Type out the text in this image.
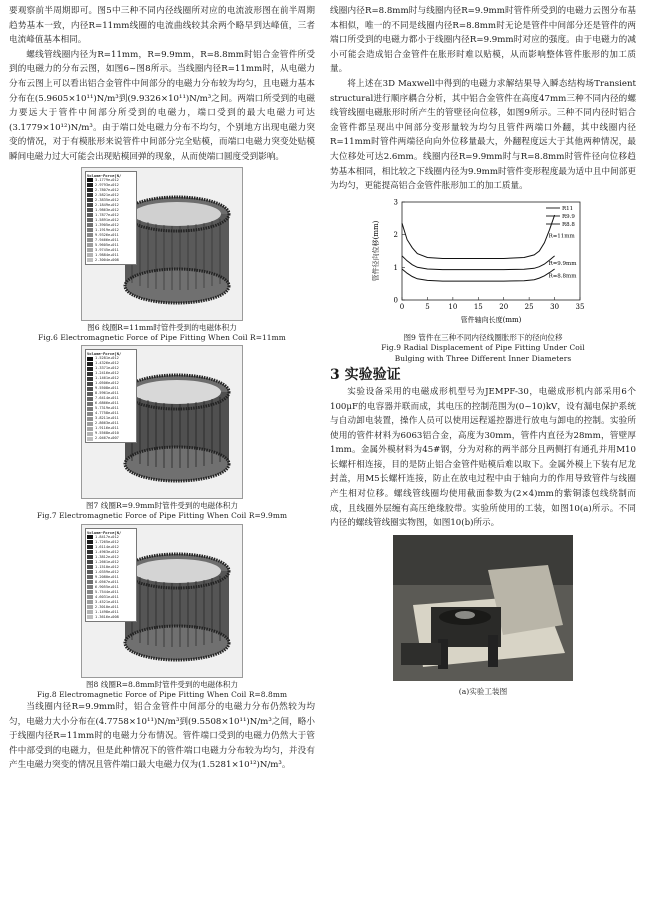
要观察前半周期即可。图5中三种不同内径线圈所对应的电流波形图在前半周期趋势基本一致，内径R=11mm线圈的电流曲线较其余两个略早到达峰值，三者电流峰值基本相同。

螺线管线圈内径为R=11mm，R=9.9mm，R=8.8mm时铝合金管件所受到的电磁力的分布云图，如图6~图8所示。当线圈内径R=11mm时，从电磁力分布云图上可以看出铝合金管件中间部分的电磁力分布较为均匀，且电磁力基本分布在(5.9605×10¹¹)N/m³到(9.9326×10¹¹)N/m³之间。两端口所受到的电磁力要远大于管件中间部分所受到的电磁力，端口受到的最大电磁力可达(3.1779×10¹²)N/m³。由于端口处电磁力分布不均匀，个别地方出现电磁力突变的情况，对于有模胀形来说管件中间部分完全贴模，而端口电磁力突变处贴模瞬间电磁力过大可能会出现贴模回弹的现象，从而使端口圆度受到影响。

Volume-Force[N/
3.1779e+012
2.9793e+012
2.7807e+012
2.5821e+012
2.3835e+012
2.1849e+012
1.9863e+012
1.7877e+012
1.5891e+012
1.3905e+012
1.1919e+012
9.9326e+011
7.9466e+011
5.9605e+011
3.9745e+011
1.9884e+011
2.3004e+008
图6 线圈R=11mm时管件受到的电磁体积力
Fig.6 Electromagnetic Force of Pipe Fitting When Coil R=11mm
Volume-Force[N/
1.5281e+012
1.4326e+012
1.3371e+012
1.2416e+012
1.1461e+012
1.0506e+012
9.5508e+011
8.5961e+011
7.6414e+011
6.6866e+011
5.7319e+011
4.7758e+011
3.8211e+011
2.8663e+011
1.9116e+011
9.5568e+010
2.0467e+007
图7 线圈R=9.9mm时管件受到的电磁体积力
Fig.7 Electromagnetic Force of Pipe Fitting When Coil R=9.9mm
Volume-Force[N/
1.8417e+012
1.7265e+012
1.6114e+012
1.4963e+012
1.3812e+012
1.2661e+012
1.1510e+012
1.0359e+012
9.2080e+011
8.0567e+011
6.9055e+011
5.7544e+011
4.6031e+011
3.4521e+011
2.3010e+011
1.1498e+011
1.3616e+008
图8 线圈R=8.8mm时管件受到的电磁体积力
Fig.8 Electromagnetic Force of Pipe Fitting When Coil R=8.8mm

当线圈内径R=9.9mm时，铝合金管件中间部分的电磁力分布仍然较为均匀，电磁力大小分布在(4.7758×10¹¹)N/m³到(9.5508×10¹¹)N/m³之间，略小于线圈内径R=11mm时的电磁力分布情况。管件端口受到的电磁力仍然大于管件中部受到的电磁力，但是此种情况下的管件端口电磁力分布较为均匀，并没有产生电磁力突变的情况且管件端口最大电磁力仅为(1.5281×10¹²)N/m³。

线圈内径R=8.8mm时与线圈内径R=9.9mm时管件所受到的电磁力云图分布基本相似，唯一的不同是线圈内径R=8.8mm时无论是管件中间部分还是管件的两端口所受到的电磁力都小于线圈内径R=9.9mm时对应的强度。由于电磁力的减小可能会造成铝合金管件在胀形时难以贴模，从而影响整体管件胀形的加工质量。

将上述在3D Maxwell中得到的电磁力求解结果导入瞬态结构场Transient structural进行顺序耦合分析，其中铝合金管件在高度47mm三种不同内径的螺线管线圈电磁胀形时所产生的管壁径向位移，如图9所示。三种不同内径时铝合金管件都呈现出中间部分变形量较为均匀且管件两端口外翻，其中线圈内径R=11mm时管件两端径向向外位移量最大，外翻程度远大于其他两种情况，最大位移处可达2.6mm。线圈内径R=9.9mm时与R=8.8mm时管件径向位移趋势基本相同，相比较之下线圈内径为9.9mm时管件变形程度最为适中且中间部更为均匀，更能提高铝合金管件胀形加工的加工质量。

0	5	10 15 20 25 30 35
0
1
2
3
管件轴向长度(mm)
管件径向位移(mm)	R=11mm
R=9.9mm
R=8.8mm
R11
R9.9
R8.8
图9 管件在三种不同内径线圈胀形下的径向位移
Fig.9 Radial Displacement of Pipe Fitting Under Coil
Bulging with Three Different Inner Diameters
3 实验验证

实验设备采用的电磁成形机型号为JEMPF-30，电磁成形机内部采用6个100μF的电容器并联而成，其电压的控制范围为(0~10)kV，设有漏电保护系统与自动卸电装置，操作人员可以使用远程遥控器进行放电与卸电的控制。实验所使用的管件材料为6063铝合金，高度为30mm，管件内直径为28mm，管壁厚1mm。金属外模材料为45#钢，分为对称的两半部分且两侧打有通孔并用M10长螺杆相连接，目的是防止铝合金管件贴模后难以取下。金属外模上下装有尼龙封盖，用M5长螺杆连接，防止在放电过程中由于轴向力的作用导致管件与线圈产生相对位移。螺线管线圈均使用截面参数为(2×4)mm的紫铜漆包线绕制而成，且线圈外层缠有高压绝缘胶带。实验所使用的工装，如图10(a)所示。不同内径的螺线管线圈实物图，如图10(b)所示。

(a)实验工装图
